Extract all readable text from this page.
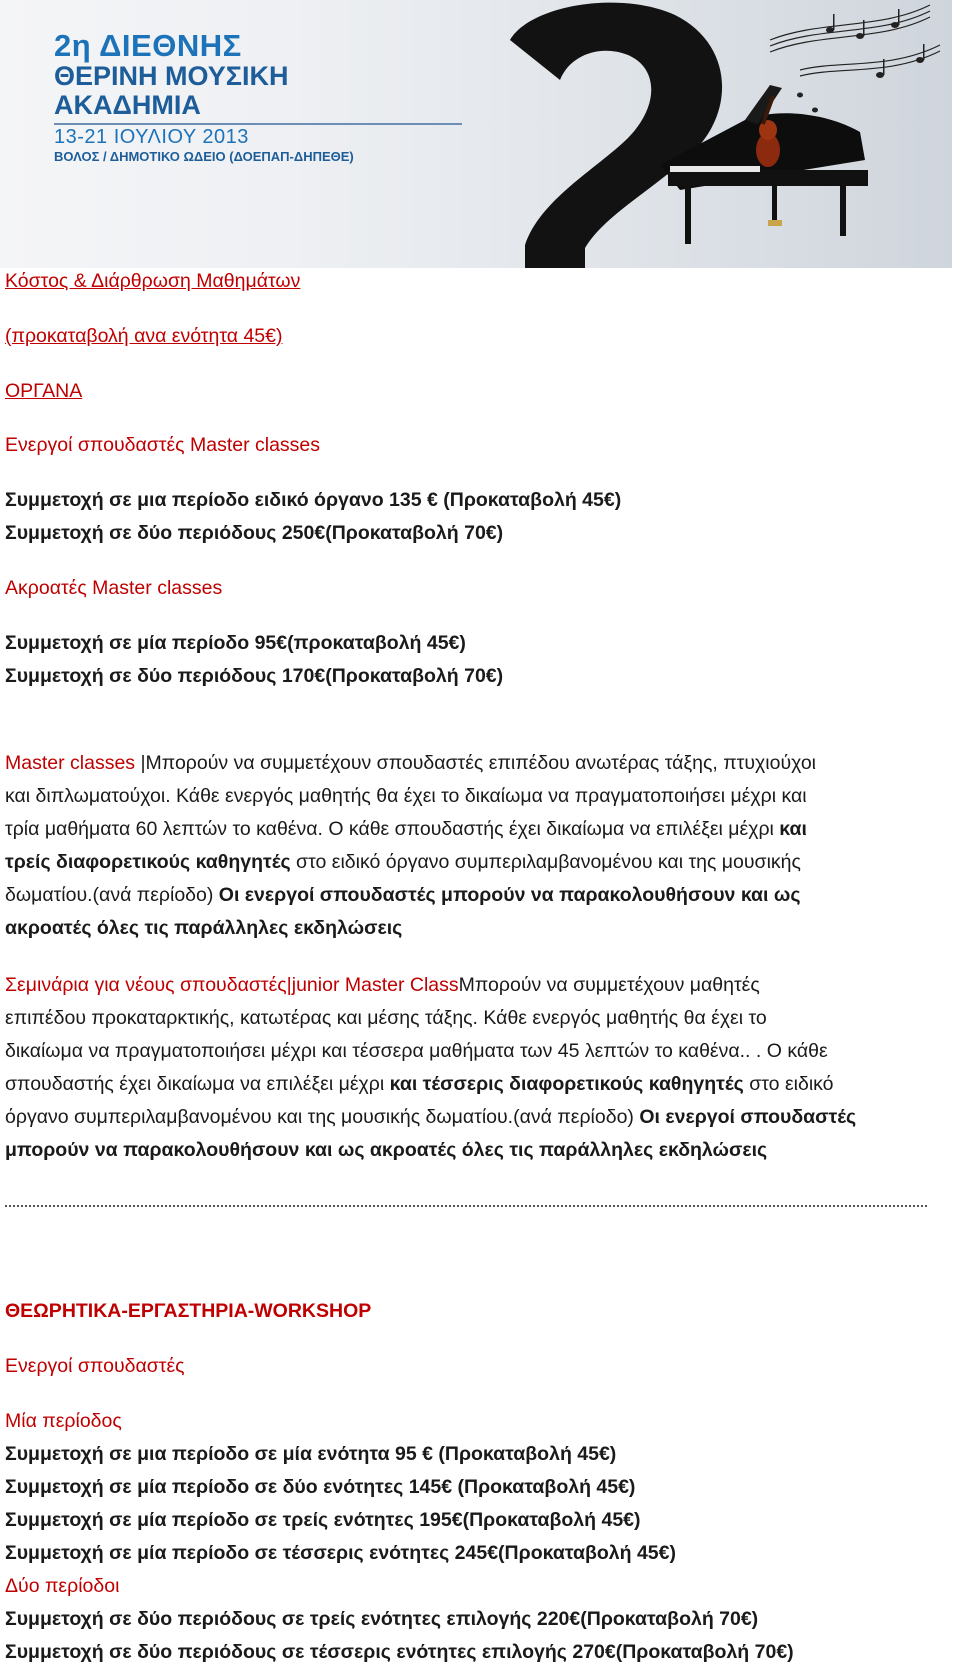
2η ΔΙΕΘΝΗΣ
ΘΕΡΙΝΗ ΜΟΥΣΙΚΗ
ΑΚΑΔΗΜΙΑ
13-21 ΙΟΥΛΙΟΥ 2013
ΒΟΛΟΣ / ΔΗΜΟΤΙΚΟ ΩΔΕΙΟ (ΔΟΕΠΑΠ-ΔΗΠΕΘΕ)
Κόστος & Διάρθρωση Μαθημάτων
(προκαταβολή ανα ενότητα 45€)
ΟΡΓΑΝΑ
Ενεργοί σπουδαστές Master classes
Συμμετοχή σε μια περίοδο ειδικό όργανο 135 € (Προκαταβολή 45€)
Συμμετοχή σε δύο περιόδους 250€(Προκαταβολή 70€)
Ακροατές Master classes
Συμμετοχή σε μία περίοδο 95€(προκαταβολή 45€)
Συμμετοχή σε δύο περιόδους 170€(Προκαταβολή 70€)
Master classes |Μπορούν να συμμετέχουν σπουδαστές επιπέδου ανωτέρας τάξης, πτυχιούχοι
και διπλωματούχοι. Κάθε ενεργός μαθητής θα έχει το δικαίωμα να πραγματοποιήσει μέχρι και
τρία μαθήματα 60 λεπτών το καθένα. Ο κάθε σπουδαστής έχει δικαίωμα να επιλέξει μέχρι και
τρείς διαφορετικούς καθηγητές στο ειδικό όργανο συμπεριλαμβανομένου και της μουσικής
δωματίου.(ανά περίοδο) Οι ενεργοί σπουδαστές μπορούν να παρακολουθήσουν και ως
ακροατές όλες τις παράλληλες εκδηλώσεις
Σεμινάρια για νέους σπουδαστές|junior Master ClassΜπορούν να συμμετέχουν μαθητές
επιπέδου προκαταρκτικής, κατωτέρας και μέσης τάξης. Κάθε ενεργός μαθητής θα έχει το
δικαίωμα να πραγματοποιήσει μέχρι και τέσσερα μαθήματα των 45 λεπτών το καθένα.. . Ο κάθε
σπουδαστής έχει δικαίωμα να επιλέξει μέχρι και τέσσερις διαφορετικούς καθηγητές στο ειδικό
όργανο συμπεριλαμβανομένου και της μουσικής δωματίου.(ανά περίοδο) Οι ενεργοί σπουδαστές
μπορούν να παρακολουθήσουν και ως ακροατές όλες τις παράλληλες εκδηλώσεις
ΘΕΩΡΗΤΙΚΑ-ΕΡΓΑΣΤΗΡΙΑ-WORKSHOP
Ενεργοί σπουδαστές
Μία περίοδος
Συμμετοχή σε μια περίοδο σε μία ενότητα 95 € (Προκαταβολή 45€)
Συμμετοχή σε μία περίοδο σε δύο ενότητες 145€ (Προκαταβολή 45€)
Συμμετοχή σε μία περίοδο σε τρείς ενότητες 195€(Προκαταβολή 45€)
Συμμετοχή σε μία περίοδο σε τέσσερις ενότητες 245€(Προκαταβολή 45€)
Δύο περίοδοι
Συμμετοχή σε δύο περιόδους σε τρείς ενότητες επιλογής 220€(Προκαταβολή 70€)
Συμμετοχή σε δύο περιόδους σε τέσσερις ενότητες επιλογής 270€(Προκαταβολή 70€)
